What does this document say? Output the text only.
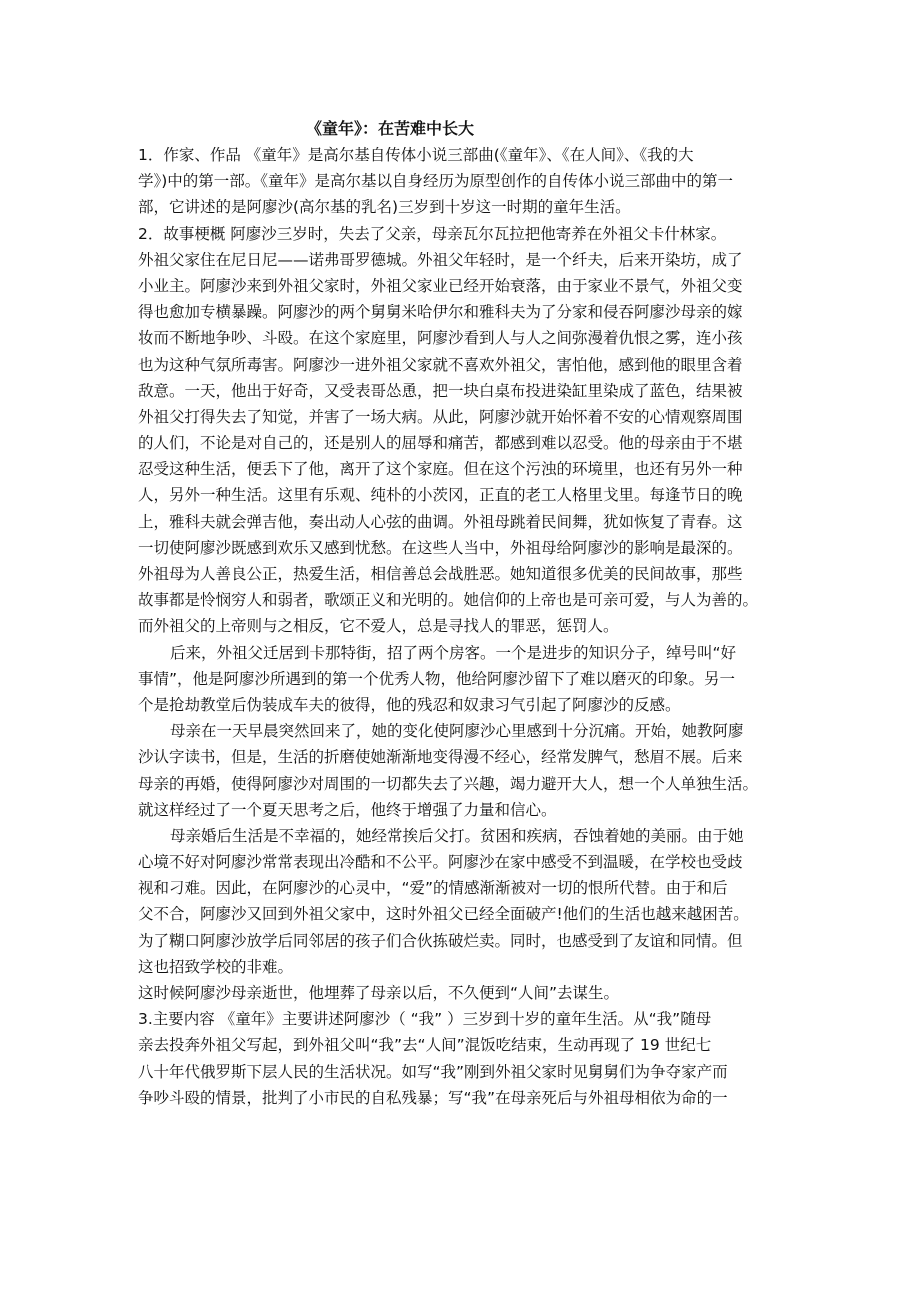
《童年》：在苦难中长大
1．作家、作品 《童年》是高尔基自传体小说三部曲(《童年》、《在人间》、《我的大
学》)中的第一部。《童年》是高尔基以自身经历为原型创作的自传体小说三部曲中的第一
部，它讲述的是阿廖沙(高尔基的乳名)三岁到十岁这一时期的童年生活。
2．故事梗概 阿廖沙三岁时，失去了父亲，母亲瓦尔瓦拉把他寄养在外祖父卡什林家。
外祖父家住在尼日尼——诺弗哥罗德城。外祖父年轻时，是一个纤夫，后来开染坊，成了
小业主。阿廖沙来到外祖父家时，外祖父家业已经开始衰落，由于家业不景气，外祖父变
得也愈加专横暴躁。阿廖沙的两个舅舅米哈伊尔和雅科夫为了分家和侵吞阿廖沙母亲的嫁
妆而不断地争吵、斗殴。在这个家庭里，阿廖沙看到人与人之间弥漫着仇恨之雾，连小孩
也为这种气氛所毒害。阿廖沙一进外祖父家就不喜欢外祖父，害怕他，感到他的眼里含着
敌意。一天，他出于好奇，又受表哥怂恿，把一块白桌布投进染缸里染成了蓝色，结果被
外祖父打得失去了知觉，并害了一场大病。从此，阿廖沙就开始怀着不安的心情观察周围
的人们，不论是对自己的，还是别人的屈辱和痛苦，都感到难以忍受。他的母亲由于不堪
忍受这种生活，便丢下了他，离开了这个家庭。但在这个污浊的环境里，也还有另外一种
人，另外一种生活。这里有乐观、纯朴的小茨冈，正直的老工人格里戈里。每逢节日的晚
上，雅科夫就会弹吉他，奏出动人心弦的曲调。外祖母跳着民间舞，犹如恢复了青春。这
一切使阿廖沙既感到欢乐又感到忧愁。在这些人当中，外祖母给阿廖沙的影响是最深的。
外祖母为人善良公正，热爱生活，相信善总会战胜恶。她知道很多优美的民间故事，那些
故事都是怜悯穷人和弱者，歌颂正义和光明的。她信仰的上帝也是可亲可爱，与人为善的。
而外祖父的上帝则与之相反，它不爱人，总是寻找人的罪恶，惩罚人。
后来，外祖父迁居到卡那特街，招了两个房客。一个是进步的知识分子，绰号叫“好
事情”，他是阿廖沙所遇到的第一个优秀人物，他给阿廖沙留下了难以磨灭的印象。另一
个是抢劫教堂后伪装成车夫的彼得，他的残忍和奴隶习气引起了阿廖沙的反感。
母亲在一天早晨突然回来了，她的变化使阿廖沙心里感到十分沉痛。开始，她教阿廖
沙认字读书，但是，生活的折磨使她渐渐地变得漫不经心，经常发脾气，愁眉不展。后来
母亲的再婚，使得阿廖沙对周围的一切都失去了兴趣，竭力避开大人，想一个人单独生活。
就这样经过了一个夏天思考之后，他终于增强了力量和信心。
母亲婚后生活是不幸福的，她经常挨后父打。贫困和疾病，吞蚀着她的美丽。由于她
心境不好对阿廖沙常常表现出冷酷和不公平。阿廖沙在家中感受不到温暖，在学校也受歧
视和刁难。因此，在阿廖沙的心灵中，“爱”的情感渐渐被对一切的恨所代替。由于和后
父不合，阿廖沙又回到外祖父家中，这时外祖父已经全面破产!他们的生活也越来越困苦。
为了糊口阿廖沙放学后同邻居的孩子们合伙拣破烂卖。同时，也感受到了友谊和同情。但
这也招致学校的非难。
这时候阿廖沙母亲逝世，他埋葬了母亲以后，不久便到“人间”去谋生。
3.主要内容 《童年》主要讲述阿廖沙（ “我” ）三岁到十岁的童年生活。从“我”随母
亲去投奔外祖父写起，到外祖父叫“我”去“人间”混饭吃结束，生动再现了 19 世纪七
八十年代俄罗斯下层人民的生活状况。如写“我”刚到外祖父家时见舅舅们为争夺家产而
争吵斗殴的情景，批判了小市民的自私残暴；写“我”在母亲死后与外祖母相依为命的一
